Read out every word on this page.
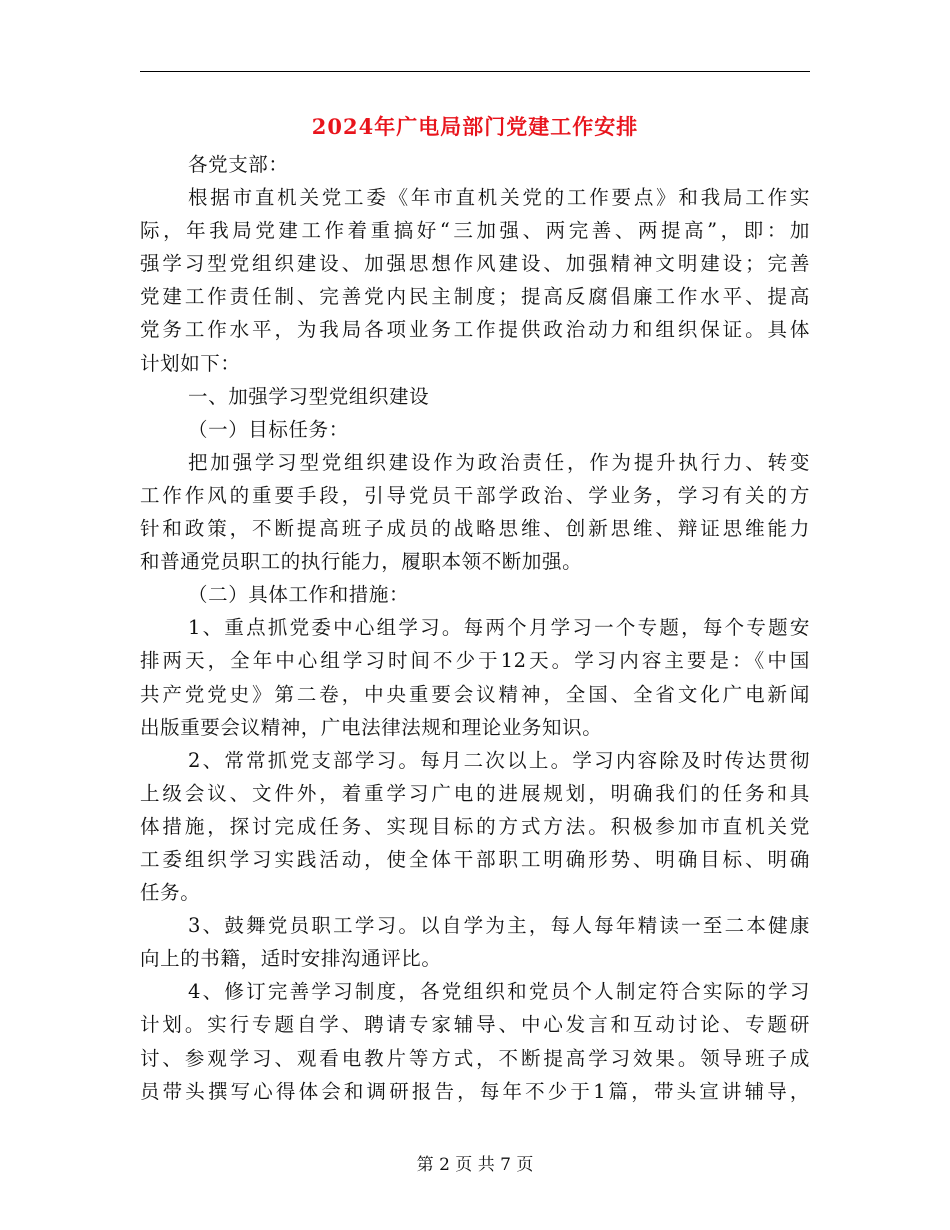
2024年广电局部门党建工作安排
各党支部：
根据市直机关党工委《年市直机关党的工作要点》和我局工作实
际，年我局党建工作着重搞好“三加强、两完善、两提高”，即：加
强学习型党组织建设、加强思想作风建设、加强精神文明建设；完善
党建工作责任制、完善党内民主制度；提高反腐倡廉工作水平、提高
党务工作水平，为我局各项业务工作提供政治动力和组织保证。具体
计划如下：
一、加强学习型党组织建设
（一）目标任务：
把加强学习型党组织建设作为政治责任，作为提升执行力、转变
工作作风的重要手段，引导党员干部学政治、学业务，学习有关的方
针和政策，不断提高班子成员的战略思维、创新思维、辩证思维能力
和普通党员职工的执行能力，履职本领不断加强。
（二）具体工作和措施：
1、重点抓党委中心组学习。每两个月学习一个专题，每个专题安
排两天，全年中心组学习时间不少于12天。学习内容主要是：《中国
共产党党史》第二卷，中央重要会议精神，全国、全省文化广电新闻
出版重要会议精神，广电法律法规和理论业务知识。
2、常常抓党支部学习。每月二次以上。学习内容除及时传达贯彻
上级会议、文件外，着重学习广电的进展规划，明确我们的任务和具
体措施，探讨完成任务、实现目标的方式方法。积极参加市直机关党
工委组织学习实践活动，使全体干部职工明确形势、明确目标、明确
任务。
3、鼓舞党员职工学习。以自学为主，每人每年精读一至二本健康
向上的书籍，适时安排沟通评比。
4、修订完善学习制度，各党组织和党员个人制定符合实际的学习
计划。实行专题自学、聘请专家辅导、中心发言和互动讨论、专题研
讨、参观学习、观看电教片等方式，不断提高学习效果。领导班子成
员带头撰写心得体会和调研报告，每年不少于1篇，带头宣讲辅导，
第 2 页 共 7 页
